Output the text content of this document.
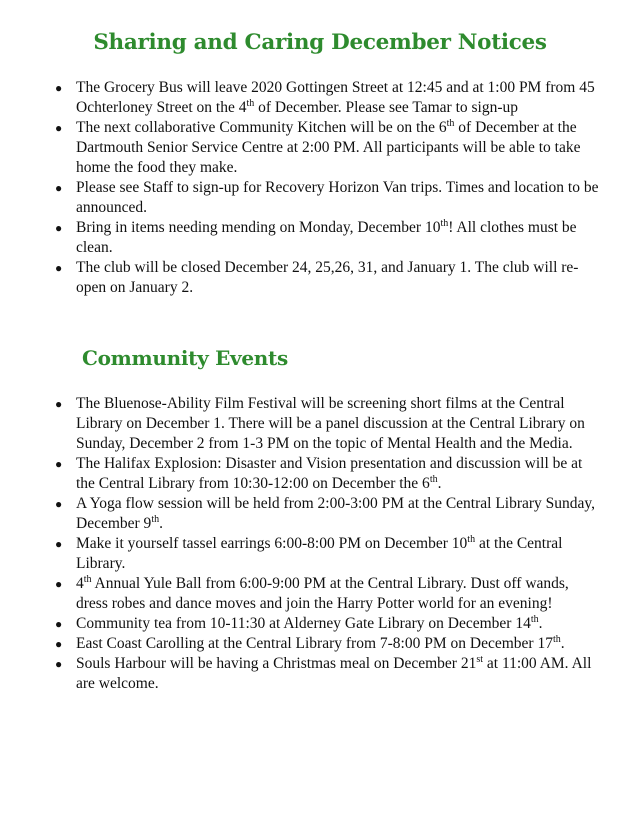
Sharing and Caring December Notices
● The Grocery Bus will leave 2020 Gottingen Street at 12:45 and at 1:00 PM from 45 Ochterloney Street on the 4th of December. Please see Tamar to sign-up
● The next collaborative Community Kitchen will be on the 6th of December at the Dartmouth Senior Service Centre at 2:00 PM. All participants will be able to take home the food they make.
● Please see Staff to sign-up for Recovery Horizon Van trips. Times and location to be announced.
● Bring in items needing mending on Monday, December 10th! All clothes must be clean.
● The club will be closed December 24, 25,26, 31, and January 1. The club will re-open on January 2.
Community Events
● The Bluenose-Ability Film Festival will be screening short films at the Central Library on December 1. There will be a panel discussion at the Central Library on Sunday, December 2 from 1-3 PM on the topic of Mental Health and the Media.
● The Halifax Explosion: Disaster and Vision presentation and discussion will be at the Central Library from 10:30-12:00 on December the 6th.
● A Yoga flow session will be held from 2:00-3:00 PM at the Central Library Sunday, December 9th.
● Make it yourself tassel earrings 6:00-8:00 PM on December 10th at the Central Library.
● 4th Annual Yule Ball from 6:00-9:00 PM at the Central Library. Dust off wands, dress robes and dance moves and join the Harry Potter world for an evening!
● Community tea from 10-11:30 at Alderney Gate Library on December 14th.
● East Coast Carolling at the Central Library from 7-8:00 PM on December 17th.
● Souls Harbour will be having a Christmas meal on December 21st at 11:00 AM. All are welcome.
